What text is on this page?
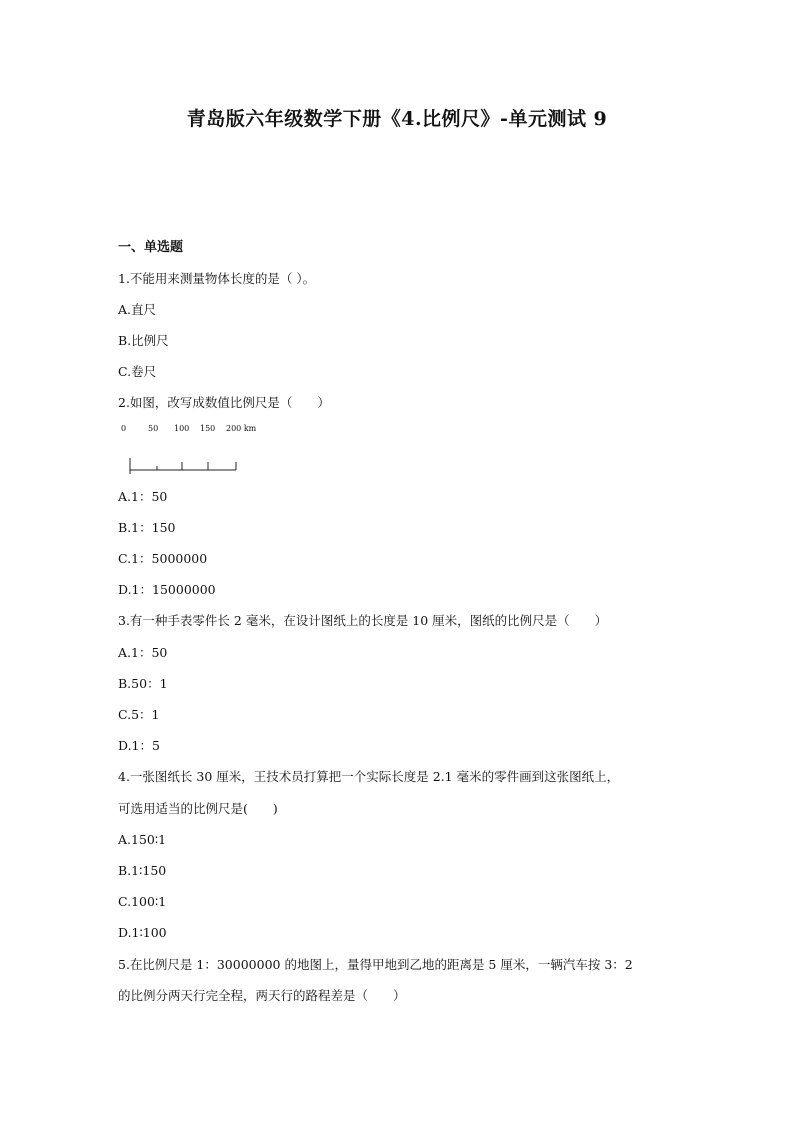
青岛版六年级数学下册《4.比例尺》-单元测试 9
一、单选题
1.不能用来测量物体长度的是（ ）。
A.直尺
B.比例尺
C.卷尺
2.如图，改写成数值比例尺是（　　）
0	50 100 150 200 km
A.1：50
B.1：150
C.1：5000000
D.1：15000000
3.有一种手表零件长 2 毫米，在设计图纸上的长度是 10 厘米，图纸的比例尺是（　　）
A.1：50
B.50：1
C.5：1
D.1：5
4.一张图纸长 30 厘米，王技术员打算把一个实际长度是 2.1 毫米的零件画到这张图纸上，
可选用适当的比例尺是(　　)
A.150∶1
B.1∶150
C.100∶1
D.1∶100
5.在比例尺是 1：30000000 的地图上，量得甲地到乙地的距离是 5 厘米，一辆汽车按 3：2
的比例分两天行完全程，两天行的路程差是（　　）
